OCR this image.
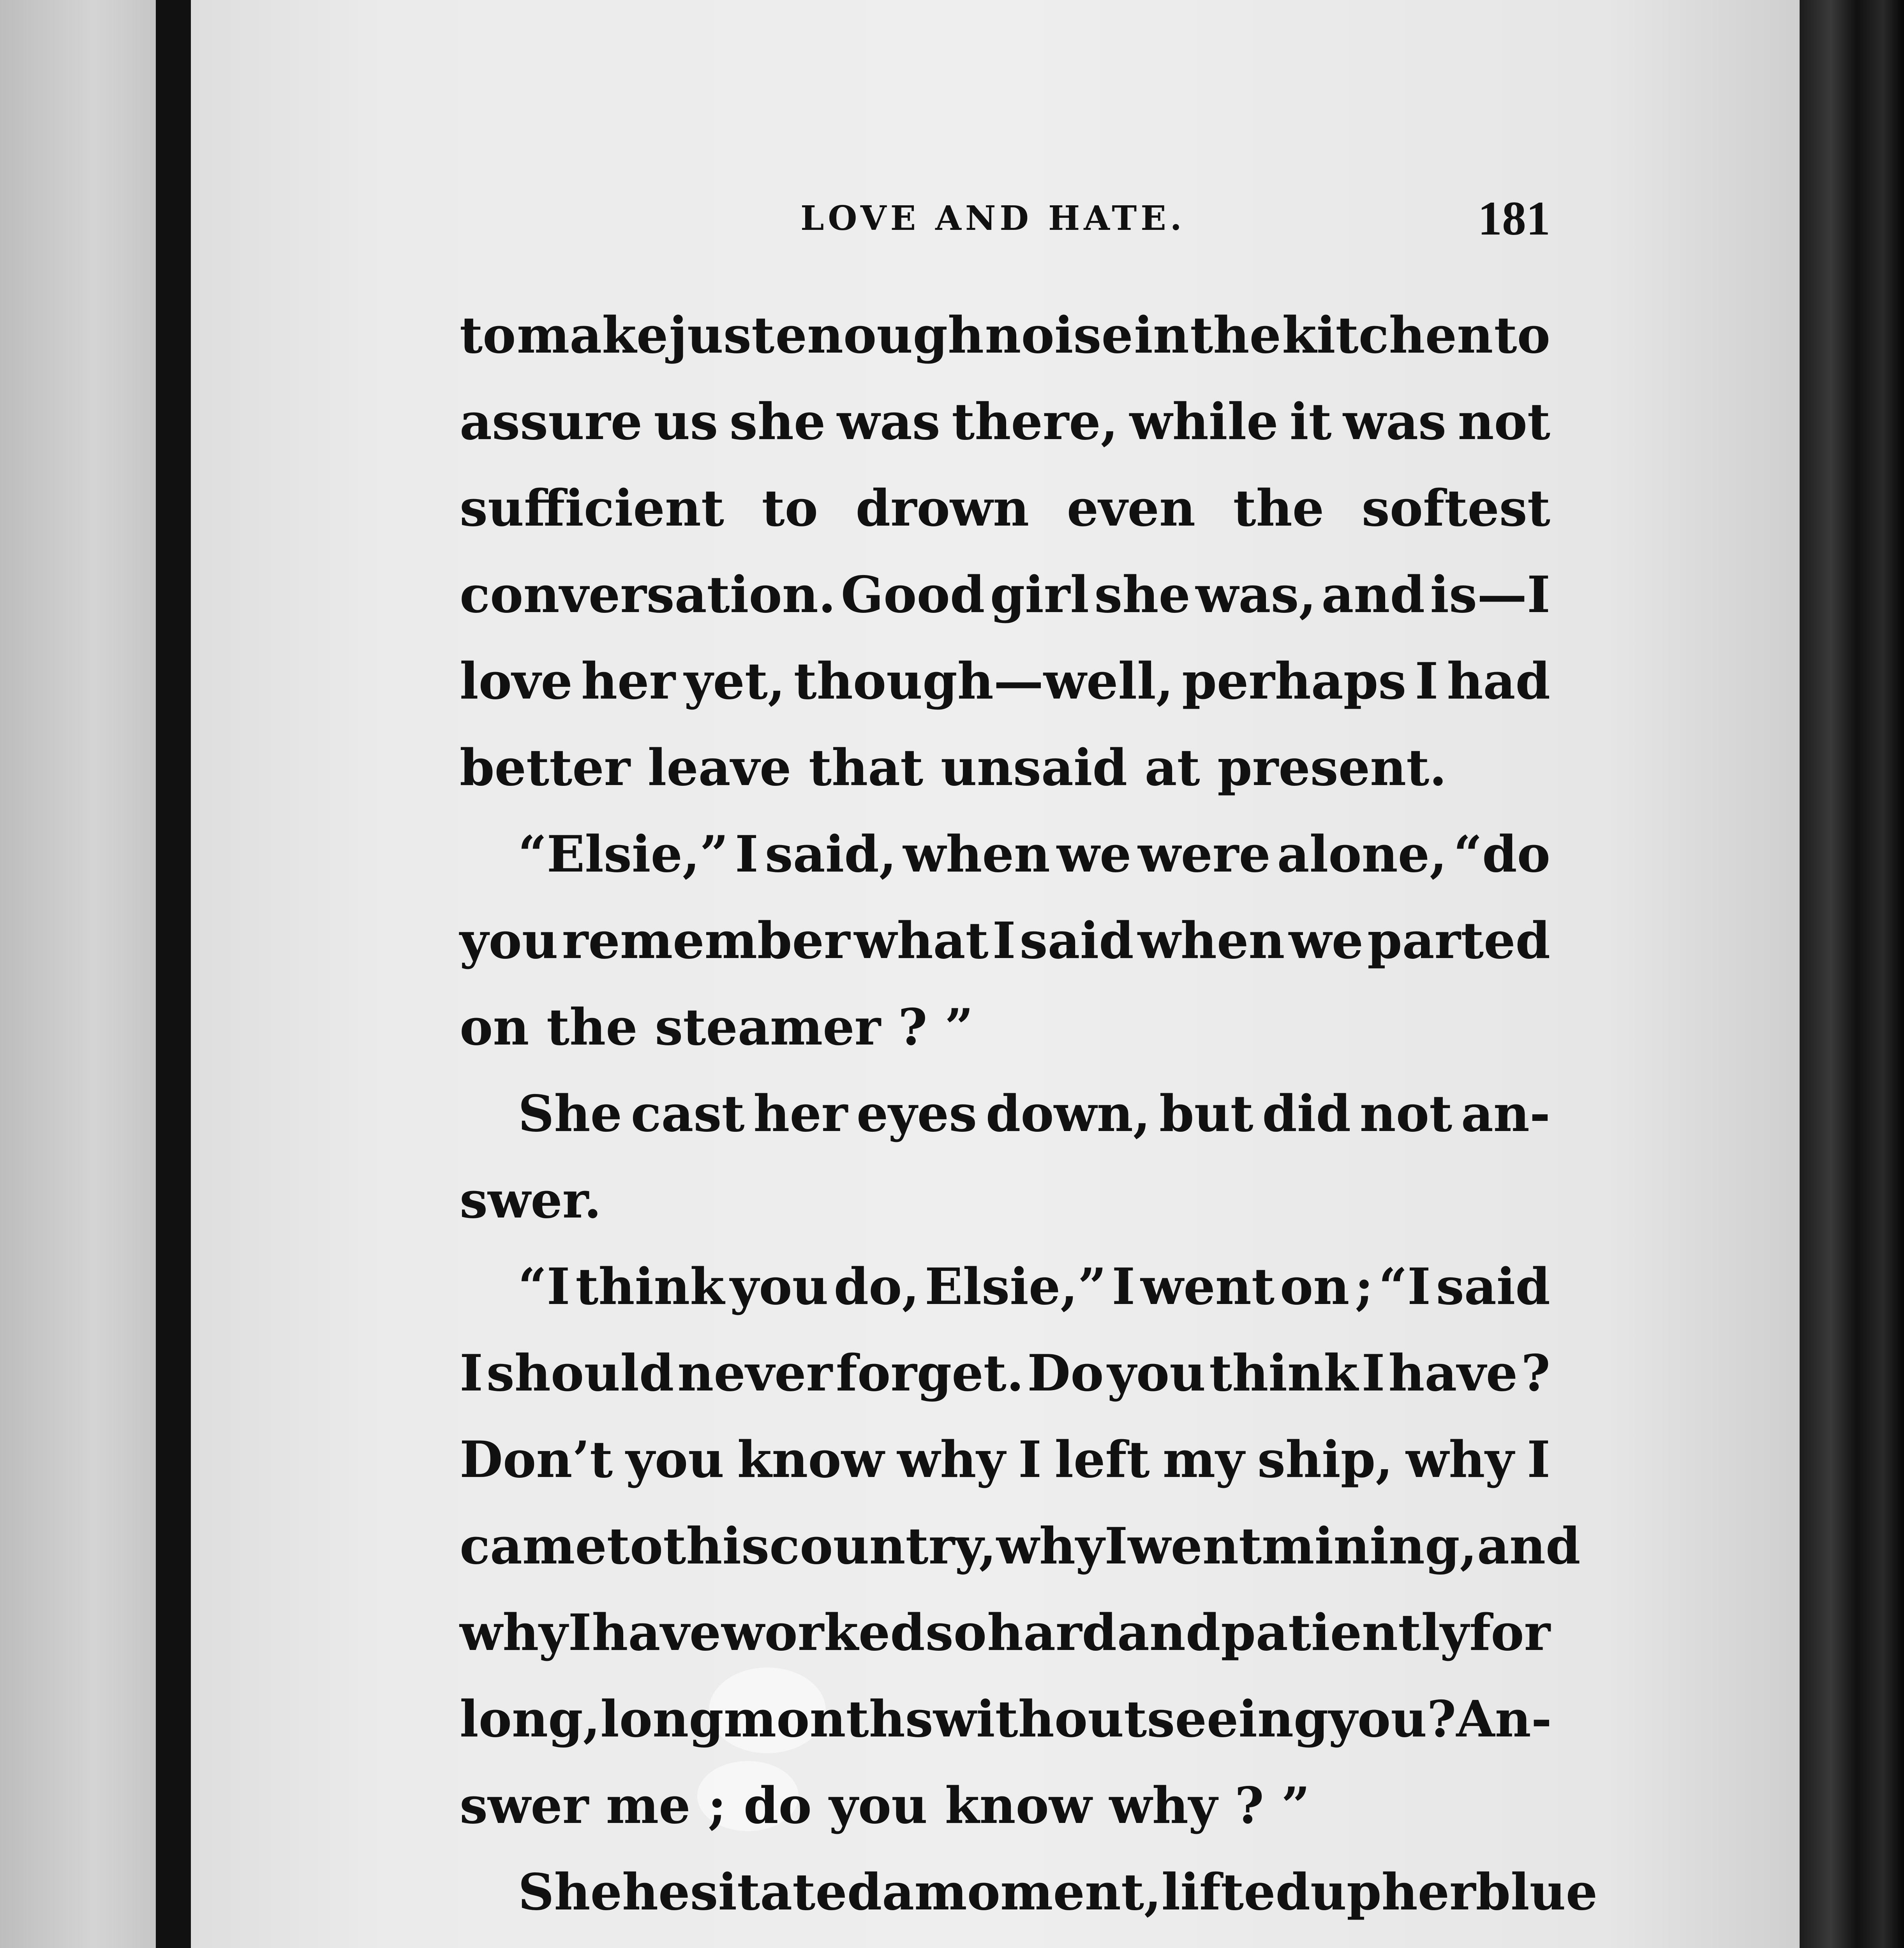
LOVE AND HATE.	181
to make just enough noise in the kitchen to
assure us she was there, while it was not
sufficient to drown even the softest
conversation. Good girl she was, and is—I
love her yet, though—well, perhaps I had
better leave that unsaid at present.
“Elsie,” I said, when we were alone, “do
you remember what I said when we parted
on the steamer ? ”
She cast her eyes down, but did not an-
swer.
“I think you do, Elsie,” I went on ; “I said
I should never forget. Do you think I have ?
Don’t you know why I left my ship, why I
came to this country, why I went mining, and
why I have worked so hard and patiently for
long, long months without seeing you ? An-
swer me ; do you know why ? ”
She hesitated a moment, lifted up her blue
